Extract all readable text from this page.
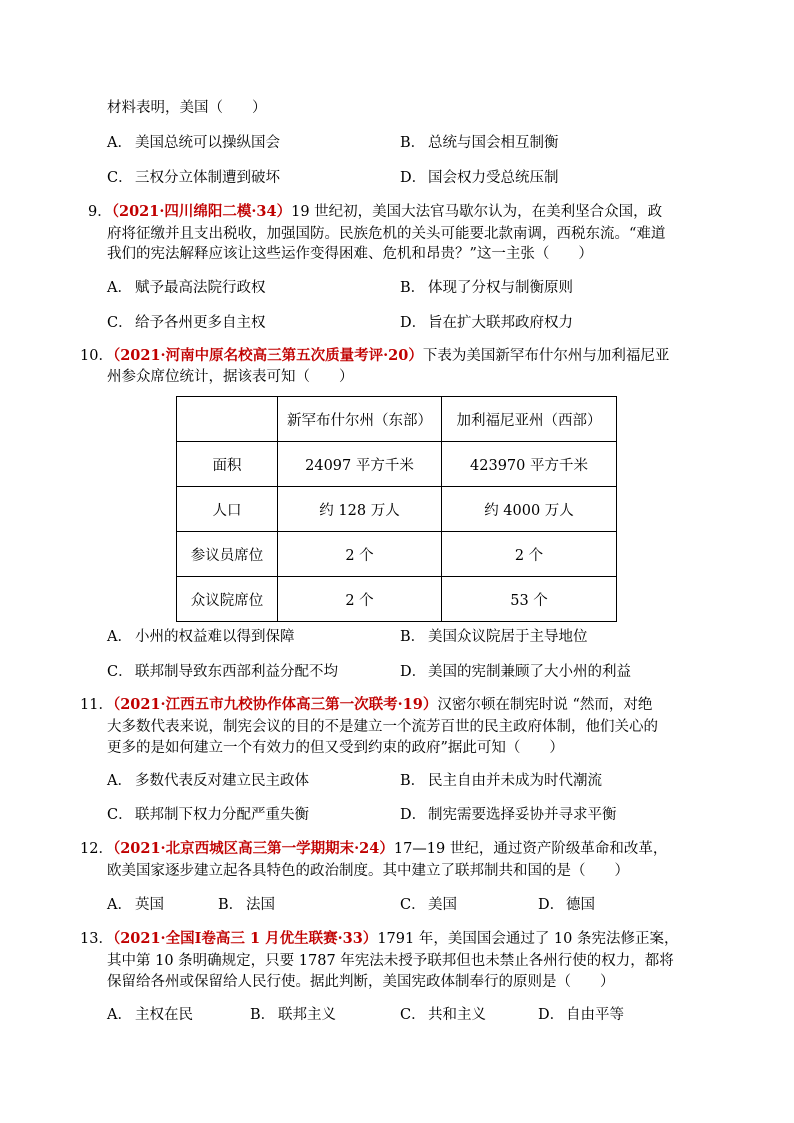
材料表明，美国（　　）
A． 美国总统可以操纵国会	B． 总统与国会相互制衡
C． 三权分立体制遭到破坏	D． 国会权力受总统压制
9．（2021·四川绵阳二模·34）19 世纪初，美国大法官马歇尔认为，在美利坚合众国，政
府将征缴并且支出税收，加强国防。民族危机的关头可能要北款南调，西税东流。“难道
我们的宪法解释应该让这些运作变得困难、危机和昂贵？”这一主张（　　）
A． 赋予最高法院行政权	B． 体现了分权与制衡原则
C． 给予各州更多自主权	D． 旨在扩大联邦政府权力
10．（2021·河南中原名校高三第五次质量考评·20）下表为美国新罕布什尔州与加利福尼亚
州参众席位统计，据该表可知（　　）
	新罕布什尔州（东部）	加利福尼亚州（西部）
面积	24097 平方千米	423970 平方千米
人口	约 128 万人	约 4000 万人
参议员席位	2 个	2 个
众议院席位	2 个	53 个
A． 小州的权益难以得到保障	B． 美国众议院居于主导地位
C． 联邦制导致东西部利益分配不均	D． 美国的宪制兼顾了大小州的利益
11．（2021·江西五市九校协作体高三第一次联考·19）汉密尔顿在制宪时说 “然而，对绝
大多数代表来说，制宪会议的目的不是建立一个流芳百世的民主政府体制，他们关心的
更多的是如何建立一个有效力的但又受到约束的政府”据此可知（　　）
A． 多数代表反对建立民主政体	B． 民主自由并未成为时代潮流
C． 联邦制下权力分配严重失衡	D． 制宪需要选择妥协并寻求平衡
12．（2021·北京西城区高三第一学期期末·24）17—19 世纪，通过资产阶级革命和改革，
欧美国家逐步建立起各具特色的政治制度。其中建立了联邦制共和国的是（　　）
A． 英国	B． 法国	C． 美国	D． 德国
13．（2021·全国Ⅰ卷高三 1 月优生联赛·33）1791 年，美国国会通过了 10 条宪法修正案，
其中第 10 条明确规定，只要 1787 年宪法未授予联邦但也未禁止各州行使的权力，都将
保留给各州或保留给人民行使。据此判断，美国宪政体制奉行的原则是（　　）
A． 主权在民	B． 联邦主义	C． 共和主义	D． 自由平等
